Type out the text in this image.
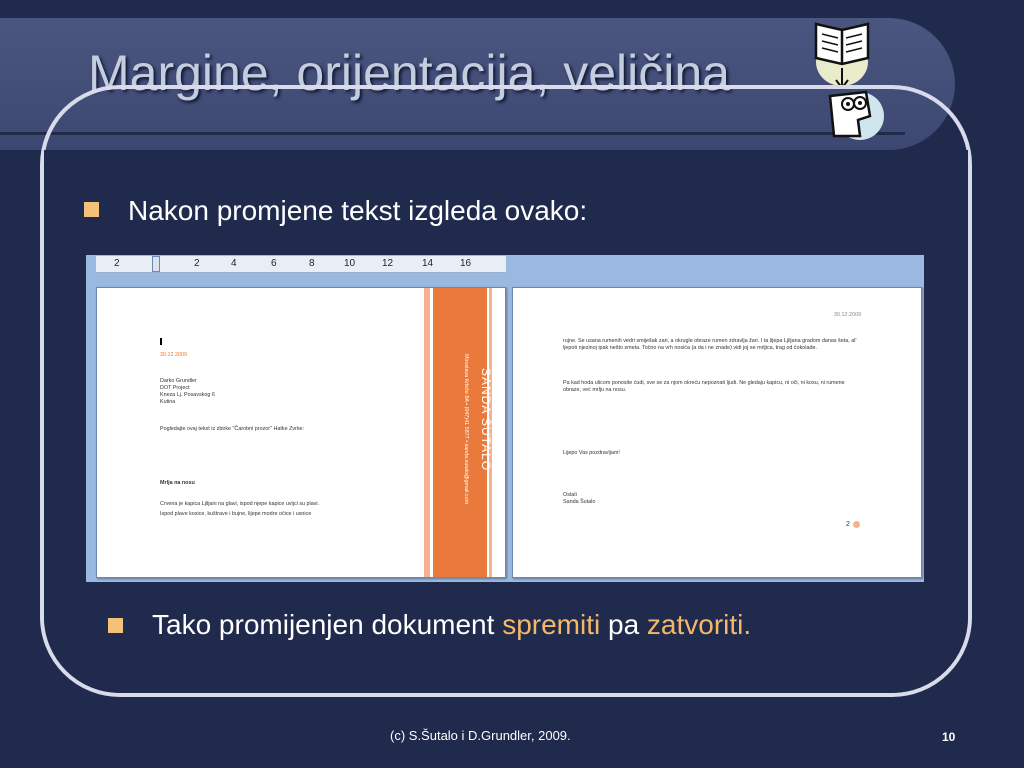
Margine, orijentacija, veličina
Nakon promjene tekst izgleda ovako:
2	2	4	6	8	10	12	14	16
30.12.2009
Darko Grundler
DOT Project
Kneza Lj. Posavskog 6
Kutina
Pogledajte ovaj tekst iz zbirke "Čarobni prozor" Hatke Zvrke:
Mrlja na nosu
Crvena je kapica Ljiljani na glavi, ispod njepe kapice uvijci su plavi.
Ispod plave kosice, kuštrave i bujne, lijepe modre očice i usnice
SANDA ŠUTALO
Miroslava Krleže 8A • (047)41 5877 • sanda.sutalo@gmail.com
30.12.2009
rujne. Se usana rumenih vedri smiješak zari, a okrugle obraze rumen zdravlja žari. I ta lijepa Ljiljana gradom danas šeta, al' ljepoti njezinoj ipak nešto smeta. Točno na vrh nosića (a da i ne znade) vidi joj se mrljica, trag od čokolade.
Pa kad hoda ulicom ponosite ćudi, sve se za njom okreću nepoznati ljudi. Ne gledaju kapicu, ni oči, ni kosu, ni rumene obraze, već mrlju na nosu.
Lijepo Vas pozdravljam!
Ostali
Sanda Šutalo
2
Tako promijenjen dokument spremiti pa zatvoriti.
(c) S.Šutalo i D.Grundler, 2009.	10
